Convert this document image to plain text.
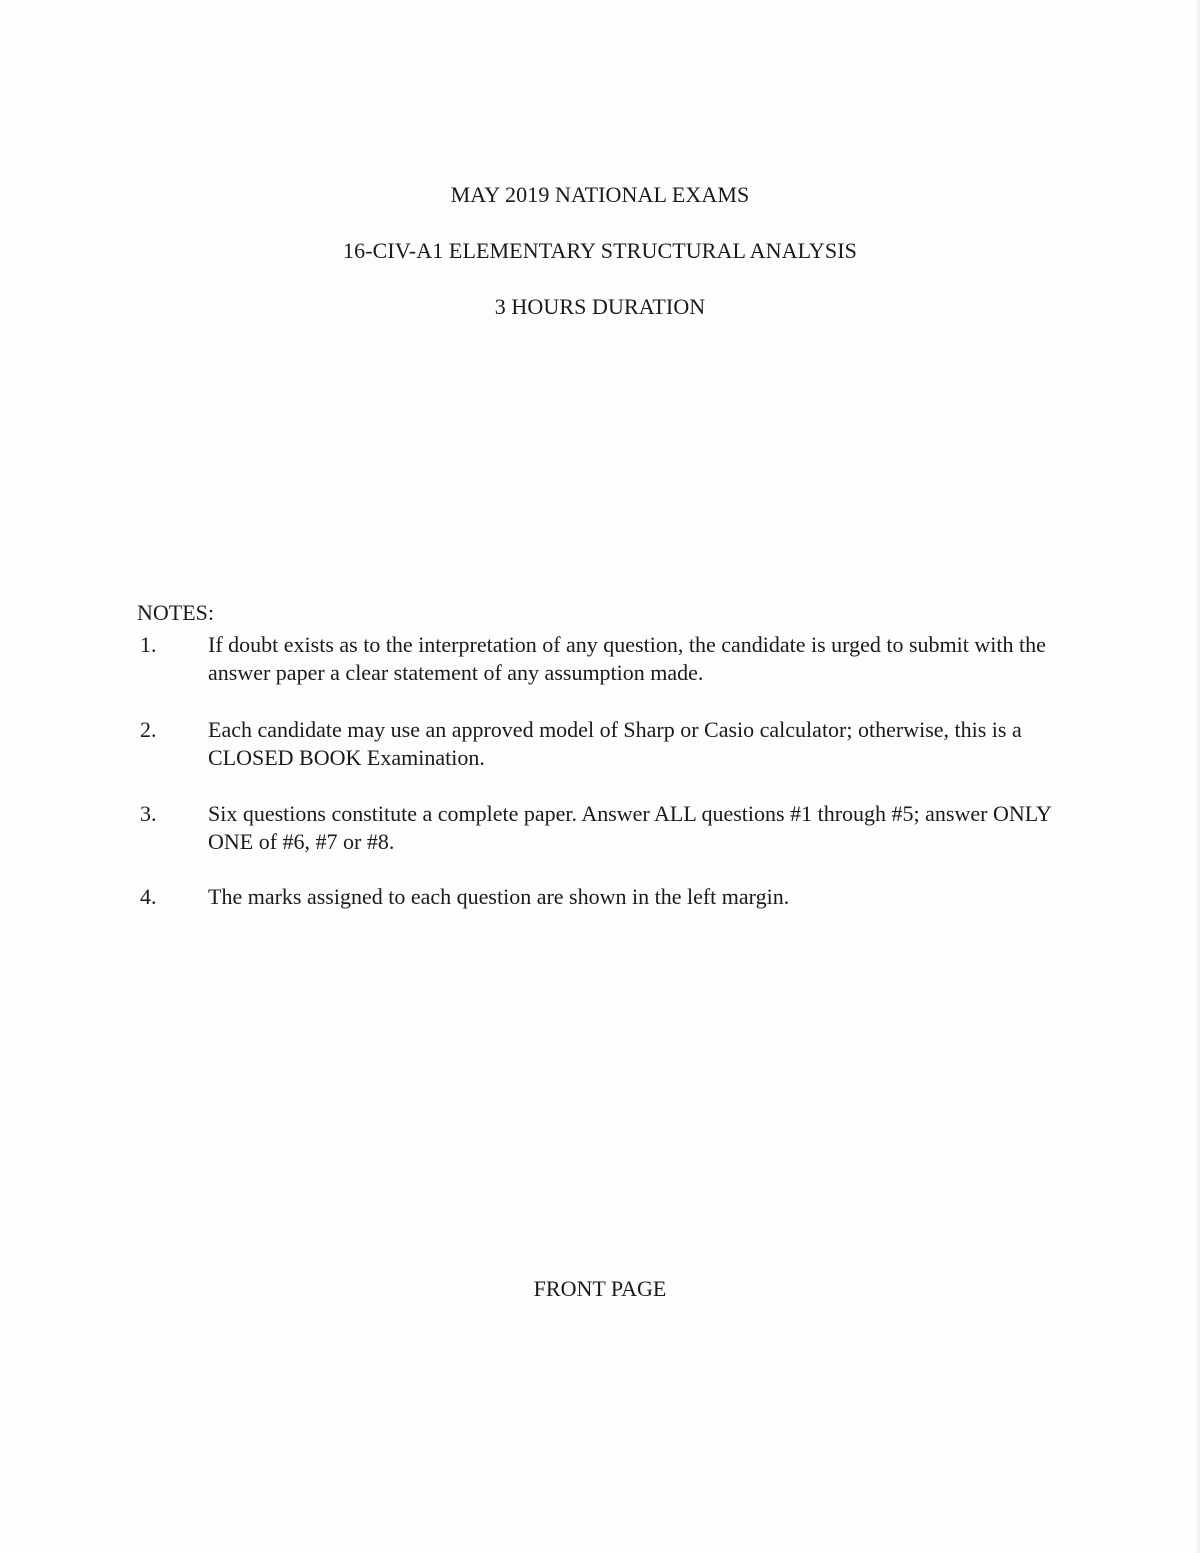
MAY 2019 NATIONAL EXAMS
16-CIV-A1 ELEMENTARY STRUCTURAL ANALYSIS
3 HOURS DURATION
NOTES:
1. If doubt exists as to the interpretation of any question, the candidate is urged to submit with the answer paper a clear statement of any assumption made.
2. Each candidate may use an approved model of Sharp or Casio calculator; otherwise, this is a CLOSED BOOK Examination.
3. Six questions constitute a complete paper. Answer ALL questions #1 through #5; answer ONLY ONE of #6, #7 or #8.
4. The marks assigned to each question are shown in the left margin.
FRONT PAGE
